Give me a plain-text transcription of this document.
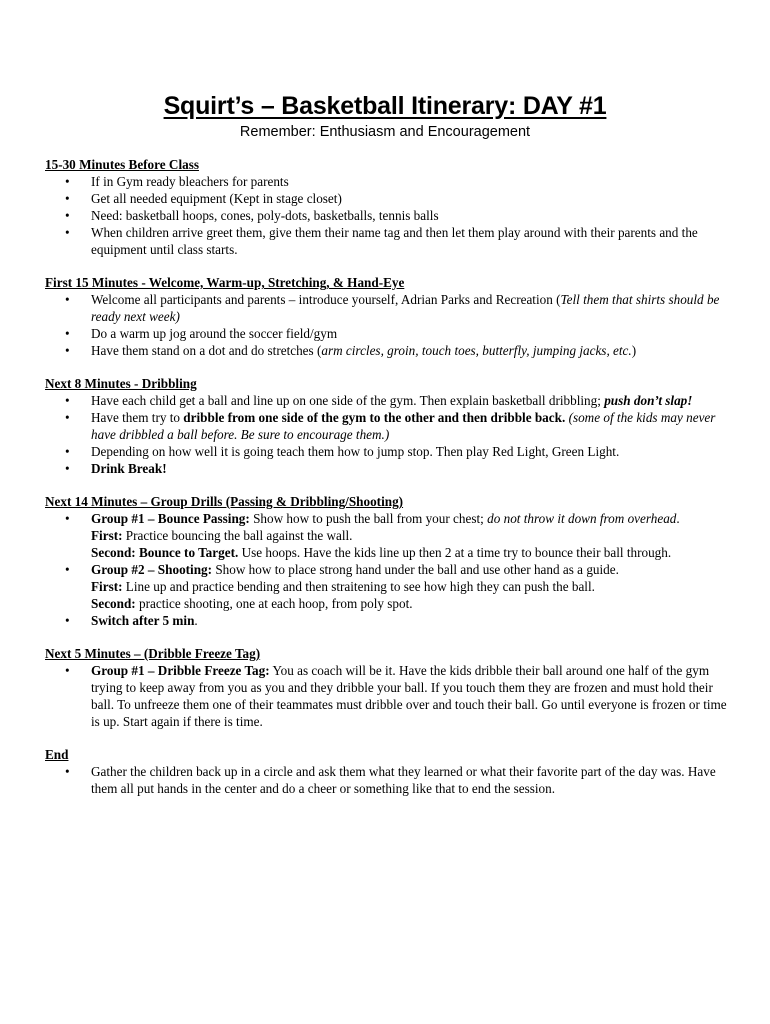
Squirt’s – Basketball Itinerary: DAY #1
Remember: Enthusiasm and Encouragement

15-30 Minutes Before Class

• If in Gym ready bleachers for parents
• Get all needed equipment (Kept in stage closet)
• Need: basketball hoops, cones, poly-dots, basketballs, tennis balls
• When children arrive greet them, give them their name tag and then let them play around with their parents and the equipment until class starts.

First 15 Minutes - Welcome, Warm-up, Stretching, & Hand-Eye

• Welcome all participants and parents – introduce yourself, Adrian Parks and Recreation (Tell them that shirts should be ready next week)
• Do a warm up jog around the soccer field/gym
• Have them stand on a dot and do stretches (arm circles, groin, touch toes, butterfly, jumping jacks, etc.)

Next 8 Minutes - Dribbling

• Have each child get a ball and line up on one side of the gym. Then explain basketball dribbling; push don’t slap!
• Have them try to dribble from one side of the gym to the other and then dribble back. (some of the kids may never have dribbled a ball before. Be sure to encourage them.)
• Depending on how well it is going teach them how to jump stop. Then play Red Light, Green Light.
• Drink Break!

Next 14 Minutes – Group Drills (Passing & Dribbling/Shooting)

• Group #1 – Bounce Passing: Show how to push the ball from your chest; do not throw it down from overhead.
First: Practice bouncing the ball against the wall.
Second: Bounce to Target. Use hoops. Have the kids line up then 2 at a time try to bounce their ball through.
• Group #2 – Shooting: Show how to place strong hand under the ball and use other hand as a guide.
First: Line up and practice bending and then straitening to see how high they can push the ball.
Second: practice shooting, one at each hoop, from poly spot.
• Switch after 5 min.

Next 5 Minutes – (Dribble Freeze Tag)

• Group #1 – Dribble Freeze Tag: You as coach will be it. Have the kids dribble their ball around one half of the gym trying to keep away from you as you and they dribble your ball. If you touch them they are frozen and must hold their ball. To unfreeze them one of their teammates must dribble over and touch their ball. Go until everyone is frozen or time is up. Start again if there is time.

End

• Gather the children back up in a circle and ask them what they learned or what their favorite part of the day was. Have them all put hands in the center and do a cheer or something like that to end the session.
